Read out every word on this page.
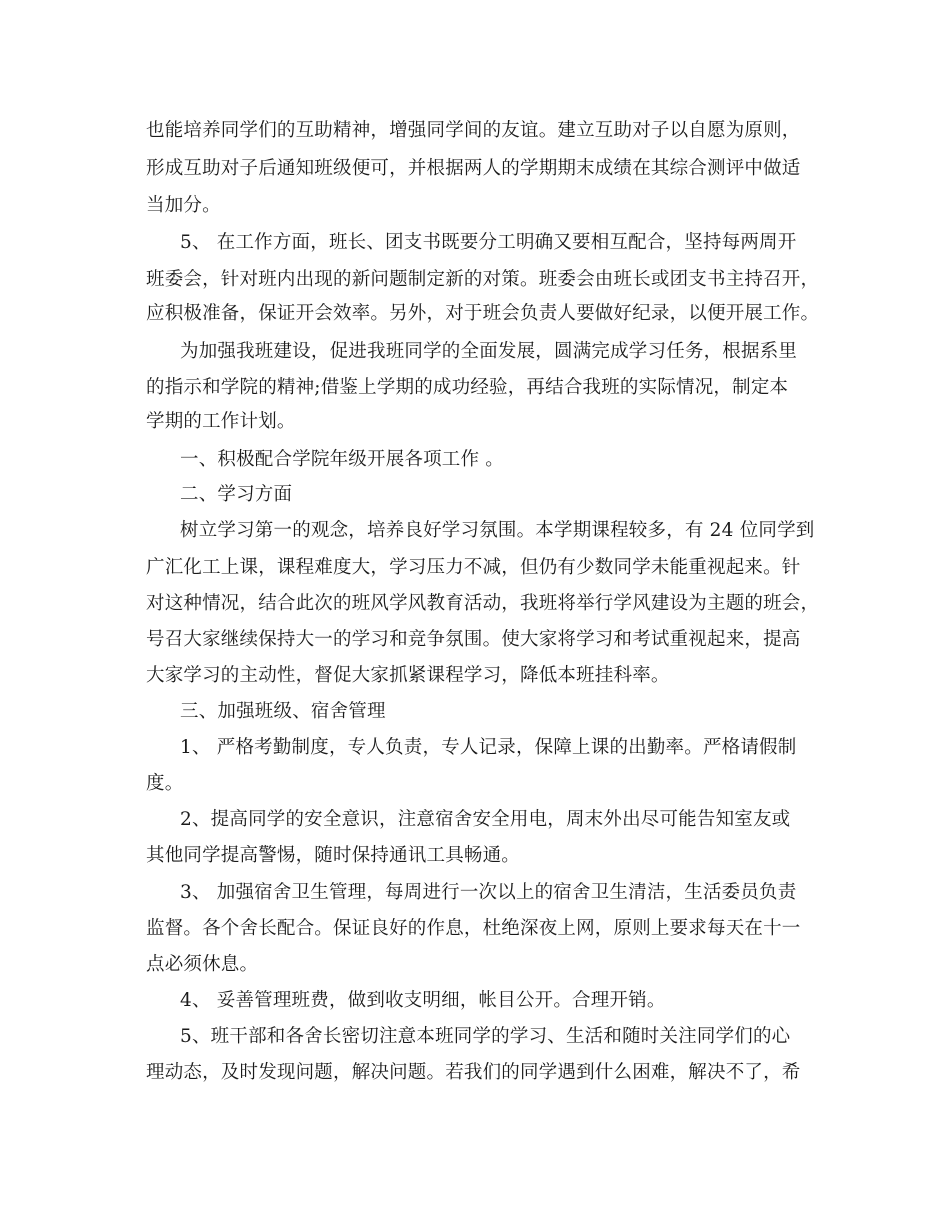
也能培养同学们的互助精神，增强同学间的友谊。建立互助对子以自愿为原则，
形成互助对子后通知班级便可，并根据两人的学期期末成绩在其综合测评中做适
当加分。
5、 在工作方面，班长、团支书既要分工明确又要相互配合，坚持每两周开
班委会，针对班内出现的新问题制定新的对策。班委会由班长或团支书主持召开，
应积极准备，保证开会效率。另外，对于班会负责人要做好纪录，以便开展工作。
为加强我班建设，促进我班同学的全面发展，圆满完成学习任务，根据系里
的指示和学院的精神;借鉴上学期的成功经验，再结合我班的实际情况，制定本
学期的工作计划。
一、积极配合学院年级开展各项工作 。
二、学习方面
树立学习第一的观念，培养良好学习氛围。本学期课程较多，有 24 位同学到
广汇化工上课，课程难度大，学习压力不减，但仍有少数同学未能重视起来。针
对这种情况，结合此次的班风学风教育活动，我班将举行学风建设为主题的班会，
号召大家继续保持大一的学习和竞争氛围。使大家将学习和考试重视起来，提高
大家学习的主动性，督促大家抓紧课程学习，降低本班挂科率。
三、加强班级、宿舍管理
1、 严格考勤制度，专人负责，专人记录，保障上课的出勤率。严格请假制
度。
2、提高同学的安全意识，注意宿舍安全用电，周末外出尽可能告知室友或
其他同学提高警惕，随时保持通讯工具畅通。
3、 加强宿舍卫生管理，每周进行一次以上的宿舍卫生清洁，生活委员负责
监督。各个舍长配合。保证良好的作息，杜绝深夜上网，原则上要求每天在十一
点必须休息。
4、 妥善管理班费，做到收支明细，帐目公开。合理开销。
5、班干部和各舍长密切注意本班同学的学习、生活和随时关注同学们的心
理动态，及时发现问题，解决问题。若我们的同学遇到什么困难，解决不了，希
